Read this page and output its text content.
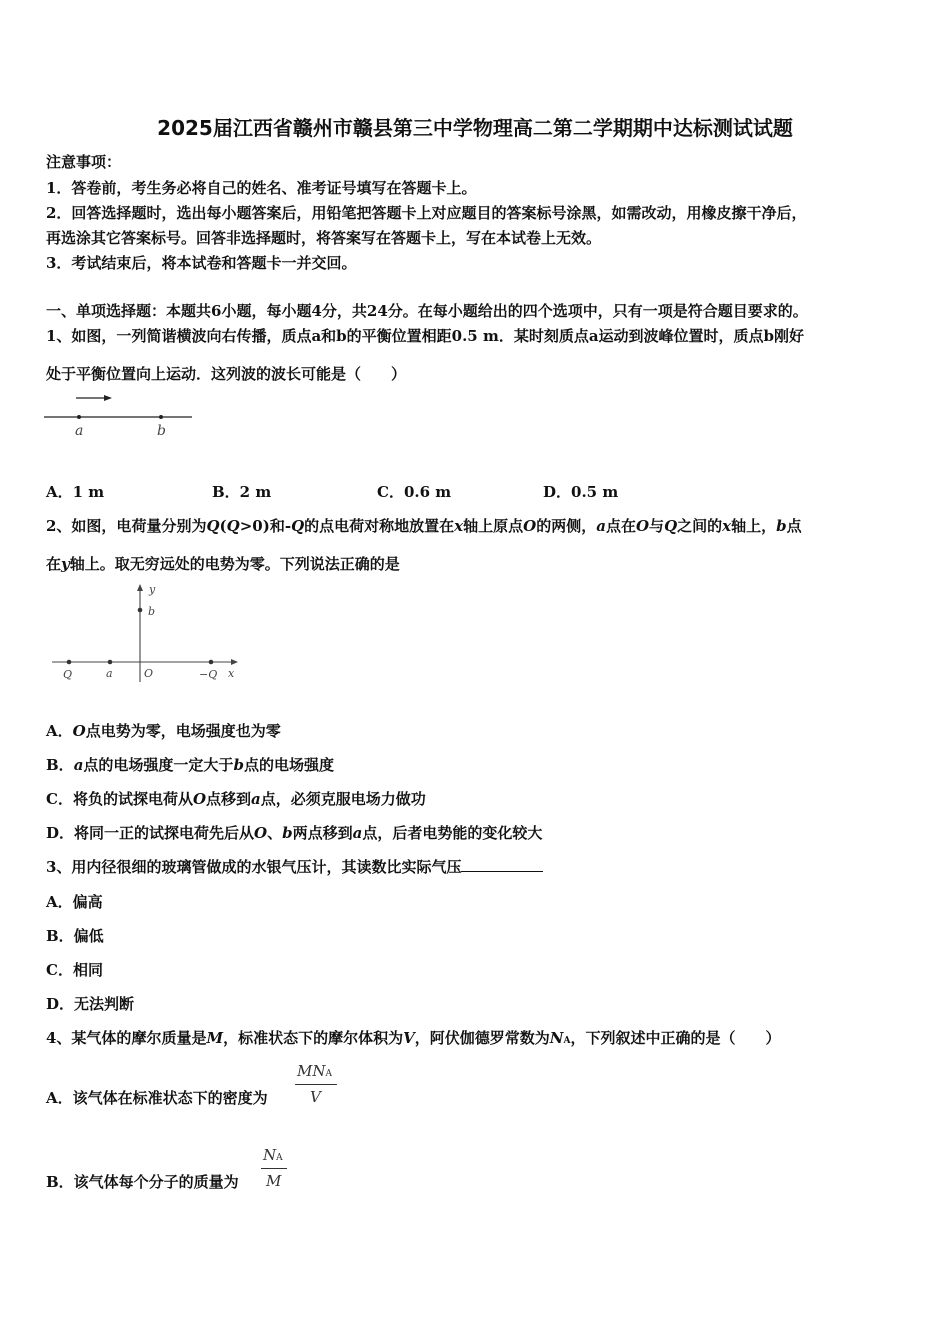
2025届江西省赣州市赣县第三中学物理高二第二学期期中达标测试试题
注意事项：
1．答卷前，考生务必将自己的姓名、准考证号填写在答题卡上。
2．回答选择题时，选出每小题答案后，用铅笔把答题卡上对应题目的答案标号涂黑，如需改动，用橡皮擦干净后，
再选涂其它答案标号。回答非选择题时，将答案写在答题卡上，写在本试卷上无效。
3．考试结束后，将本试卷和答题卡一并交回。
一、单项选择题：本题共6小题，每小题4分，共24分。在每小题给出的四个选项中，只有一项是符合题目要求的。
1、如图，一列简谐横波向右传播，质点a和b的平衡位置相距0.5 m．某时刻质点a运动到波峰位置时，质点b刚好
处于平衡位置向上运动．这列波的波长可能是（　　）
a	b
A．1 m	B．2 m	C．0.6 m	D．0.5 m
2、如图，电荷量分别为Q(Q>0)和-Q的点电荷对称地放置在x轴上原点O的两侧，a点在O与Q之间的x轴上，b点
在y轴上。取无穷远处的电势为零。下列说法正确的是
y
b
Q	a	O	−Q x
A．O点电势为零，电场强度也为零
B．a点的电场强度一定大于b点的电场强度
C．将负的试探电荷从O点移到a点，必须克服电场力做功
D．将同一正的试探电荷先后从O、b两点移到a点，后者电势能的变化较大
3、用内径很细的玻璃管做成的水银气压计，其读数比实际气压
A．偏高
B．偏低
C．相同
D．无法判断
4、某气体的摩尔质量是M，标准状态下的摩尔体积为V，阿伏伽德罗常数为NA，下列叙述中正确的是（　　）
A．该气体在标准状态下的密度为
MNA
V
B．该气体每个分子的质量为
NA
M
